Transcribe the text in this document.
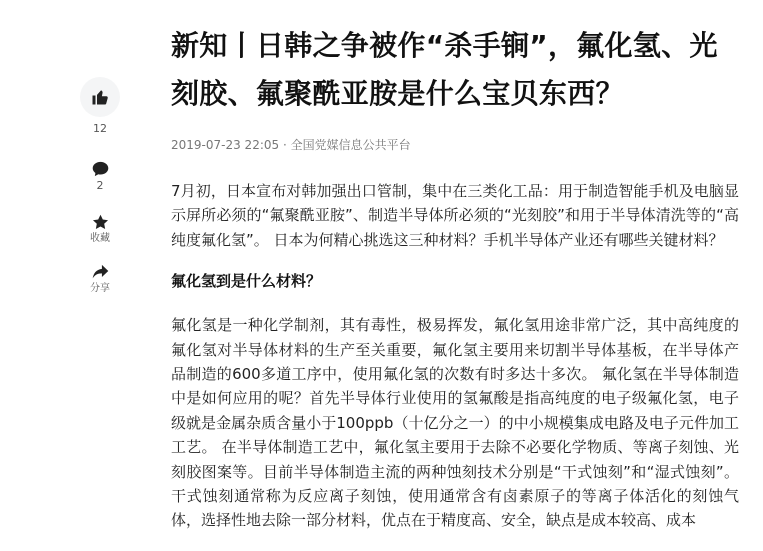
12
2
收藏
分享
新知丨日韩之争被作“杀手锏”，氟化氢、光刻胶、氟聚酰亚胺是什么宝贝东西？
2019-07-23 22:05 · 全国党媒信息公共平台

7月初，日本宣布对韩加强出口管制，集中在三类化工品：用于制造智能手机及电脑显示屏所必须的“氟聚酰亚胺”、制造半导体所必须的“光刻胶”和用于半导体清洗等的“高纯度氟化氢”。 日本为何精心挑选这三种材料？手机半导体产业还有哪些关键材料？

氟化氢到是什么材料？

氟化氢是一种化学制剂，其有毒性，极易挥发，氟化氢用途非常广泛，其中高纯度的氟化氢对半导体材料的生产至关重要，氟化氢主要用来切割半导体基板，在半导体产品制造的600多道工序中，使用氟化氢的次数有时多达十多次。 氟化氢在半导体制造中是如何应用的呢？首先半导体行业使用的氢氟酸是指高纯度的电子级氟化氢，电子级就是金属杂质含量小于100ppb（十亿分之一）的中小规模集成电路及电子元件加工工艺。 在半导体制造工艺中，氟化氢主要用于去除不必要化学物质、等离子刻蚀、光刻胶图案等。目前半导体制造主流的两种蚀刻技术分别是“干式蚀刻”和“湿式蚀刻”。 干式蚀刻通常称为反应离子刻蚀，使用通常含有卤素原子的等离子体活化的刻蚀气体，选择性地去除一部分材料，优点在于精度高、安全，缺点是成本较高、成本
